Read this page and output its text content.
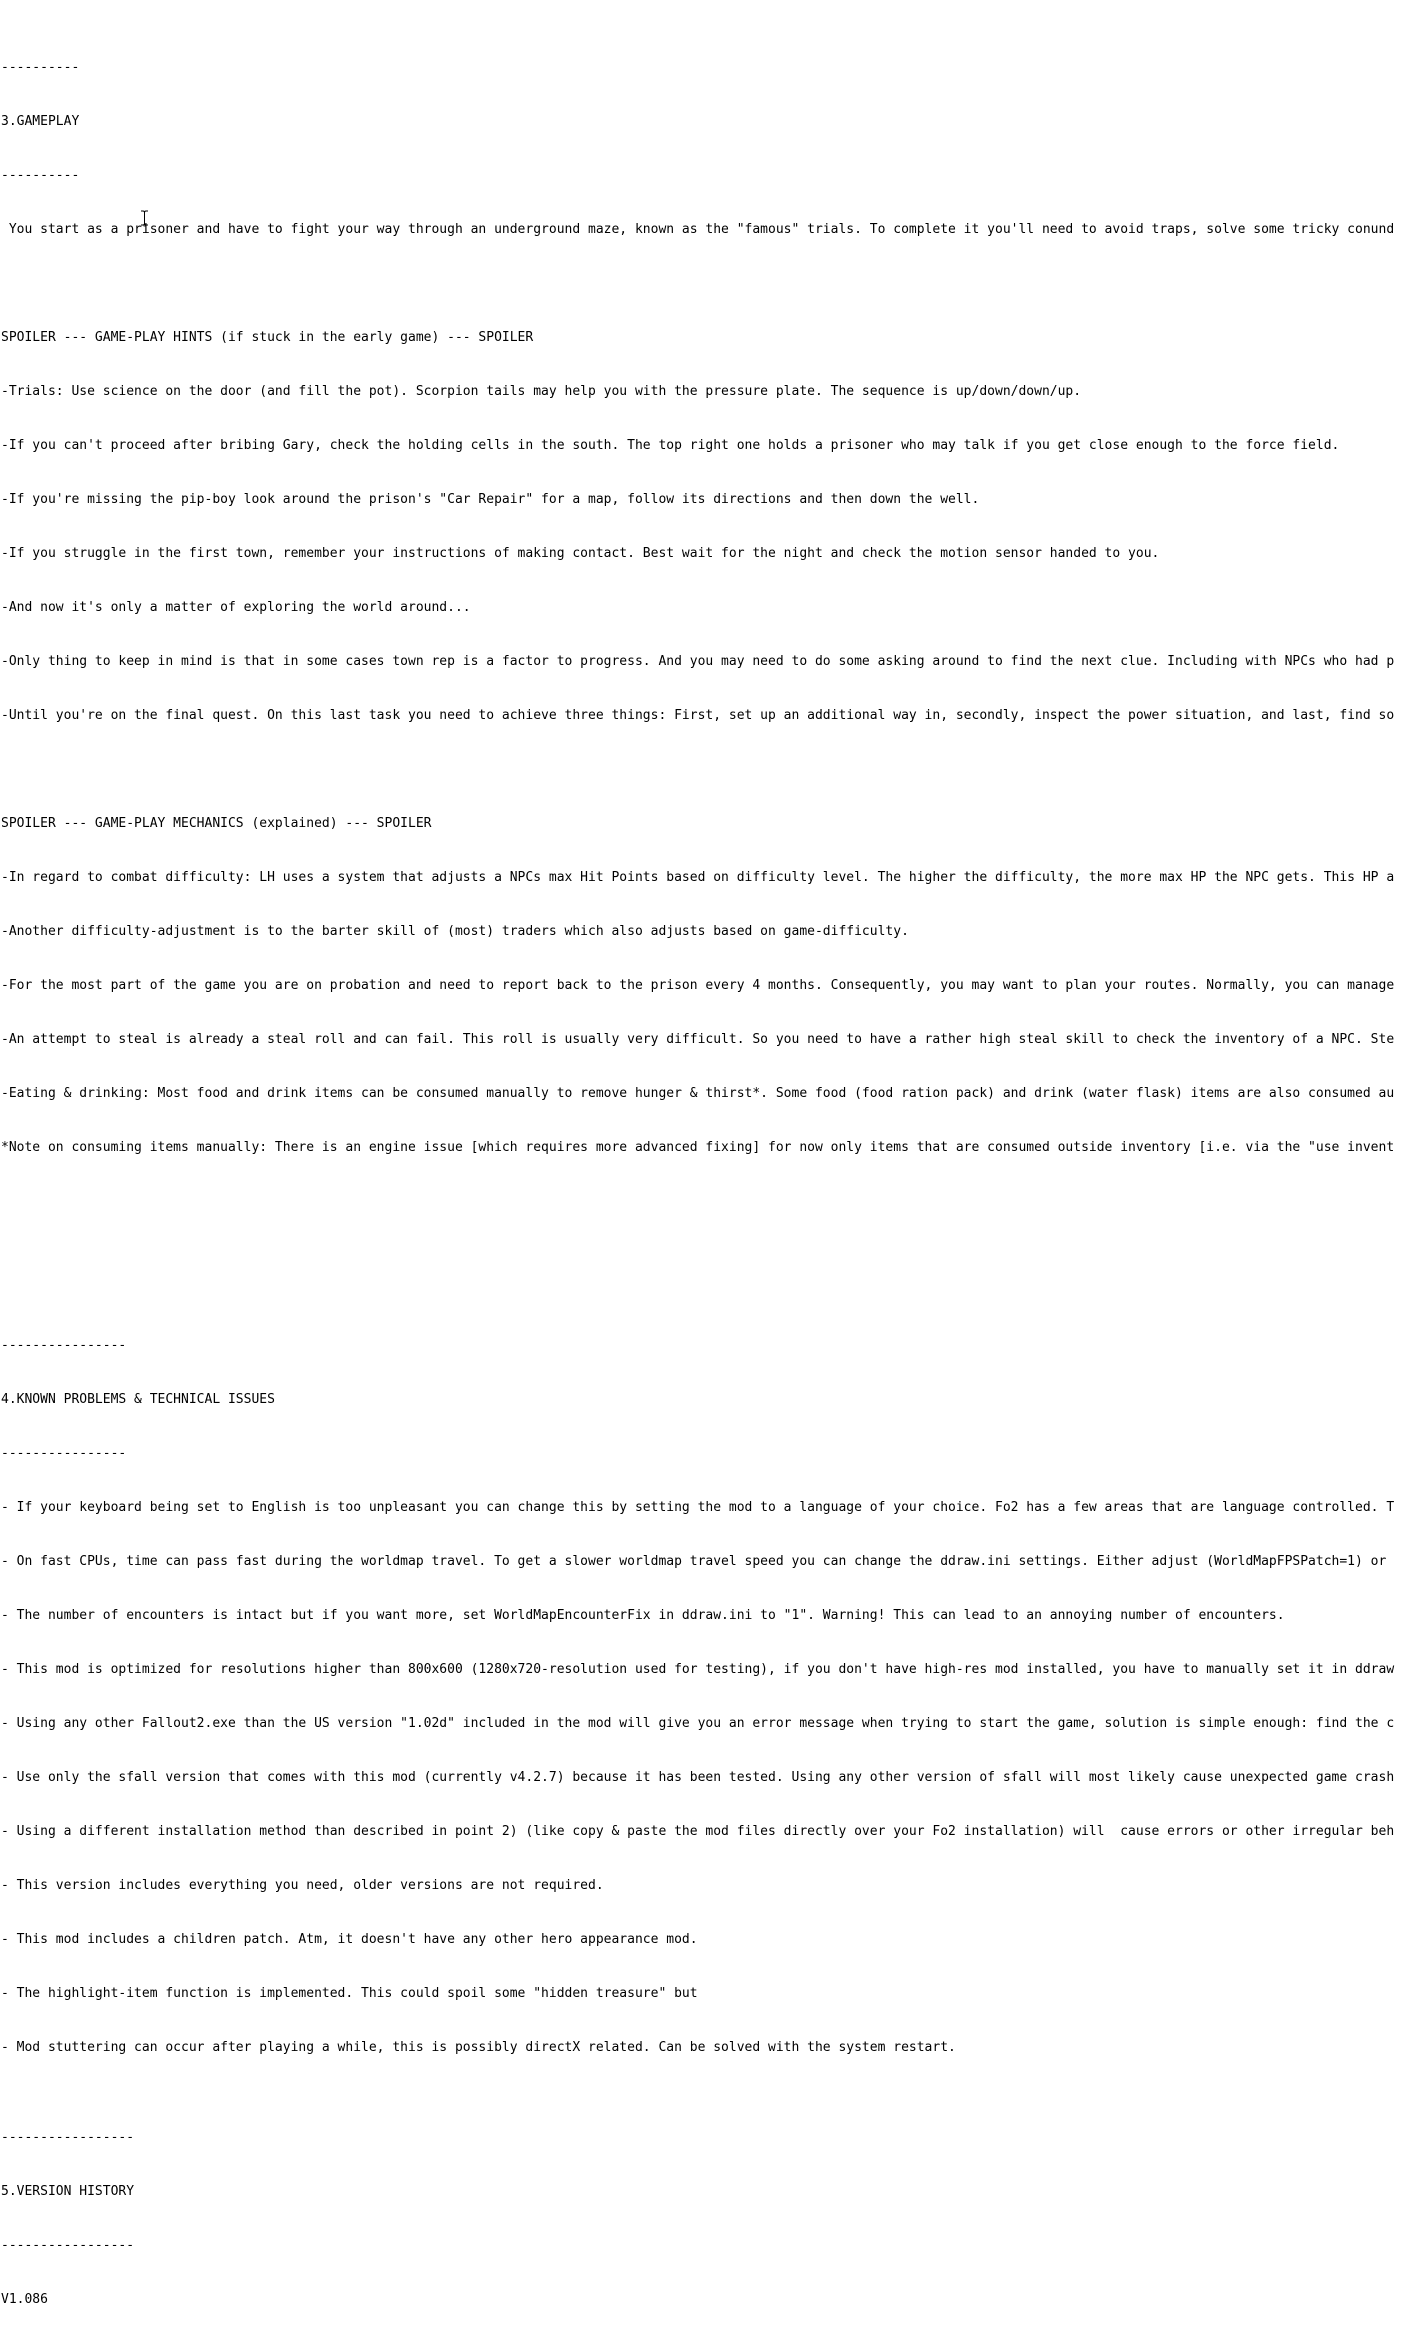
----------

3.GAMEPLAY

----------

You start as a prisoner and have to fight your way through an underground maze, known as the "famous" trials. To complete it you'll need to avoid traps, solve some tricky conund

SPOILER --- GAME-PLAY HINTS (if stuck in the early game) --- SPOILER

-Trials: Use science on the door (and fill the pot). Scorpion tails may help you with the pressure plate. The sequence is up/down/down/up.

-If you can't proceed after bribing Gary, check the holding cells in the south. The top right one holds a prisoner who may talk if you get close enough to the force field.

-If you're missing the pip-boy look around the prison's "Car Repair" for a map, follow its directions and then down the well.

-If you struggle in the first town, remember your instructions of making contact. Best wait for the night and check the motion sensor handed to you.

-And now it's only a matter of exploring the world around...

-Only thing to keep in mind is that in some cases town rep is a factor to progress. And you may need to do some asking around to find the next clue. Including with NPCs who had p

-Until you're on the final quest. On this last task you need to achieve three things: First, set up an additional way in, secondly, inspect the power situation, and last, find so

SPOILER --- GAME-PLAY MECHANICS (explained) --- SPOILER

-In regard to combat difficulty: LH uses a system that adjusts a NPCs max Hit Points based on difficulty level. The higher the difficulty, the more max HP the NPC gets. This HP a

-Another difficulty-adjustment is to the barter skill of (most) traders which also adjusts based on game-difficulty.

-For the most part of the game you are on probation and need to report back to the prison every 4 months. Consequently, you may want to plan your routes. Normally, you can manage

-An attempt to steal is already a steal roll and can fail. This roll is usually very difficult. So you need to have a rather high steal skill to check the inventory of a NPC. Ste

-Eating & drinking: Most food and drink items can be consumed manually to remove hunger & thirst*. Some food (food ration pack) and drink (water flask) items are also consumed au

*Note on consuming items manually: There is an engine issue [which requires more advanced fixing] for now only items that are consumed outside inventory [i.e. via the "use invent

----------------

4.KNOWN PROBLEMS & TECHNICAL ISSUES

----------------

- If your keyboard being set to English is too unpleasant you can change this by setting the mod to a language of your choice. Fo2 has a few areas that are language controlled. T

- On fast CPUs, time can pass fast during the worldmap travel. To get a slower worldmap travel speed you can change the ddraw.ini settings. Either adjust (WorldMapFPSPatch=1) or

- The number of encounters is intact but if you want more, set WorldMapEncounterFix in ddraw.ini to "1". Warning! This can lead to an annoying number of encounters.

- This mod is optimized for resolutions higher than 800x600 (1280x720-resolution used for testing), if you don't have high-res mod installed, you have to manually set it in ddraw

- Using any other Fallout2.exe than the US version "1.02d" included in the mod will give you an error message when trying to start the game, solution is simple enough: find the c

- Use only the sfall version that comes with this mod (currently v4.2.7) because it has been tested. Using any other version of sfall will most likely cause unexpected game crash

- Using a different installation method than described in point 2) (like copy & paste the mod files directly over your Fo2 installation) will  cause errors or other irregular beh

- This version includes everything you need, older versions are not required.

- This mod includes a children patch. Atm, it doesn't have any other hero appearance mod.

- The highlight-item function is implemented. This could spoil some "hidden treasure" but

- Mod stuttering can occur after playing a while, this is possibly directX related. Can be solved with the system restart.

-----------------

5.VERSION HISTORY

-----------------

V1.086
